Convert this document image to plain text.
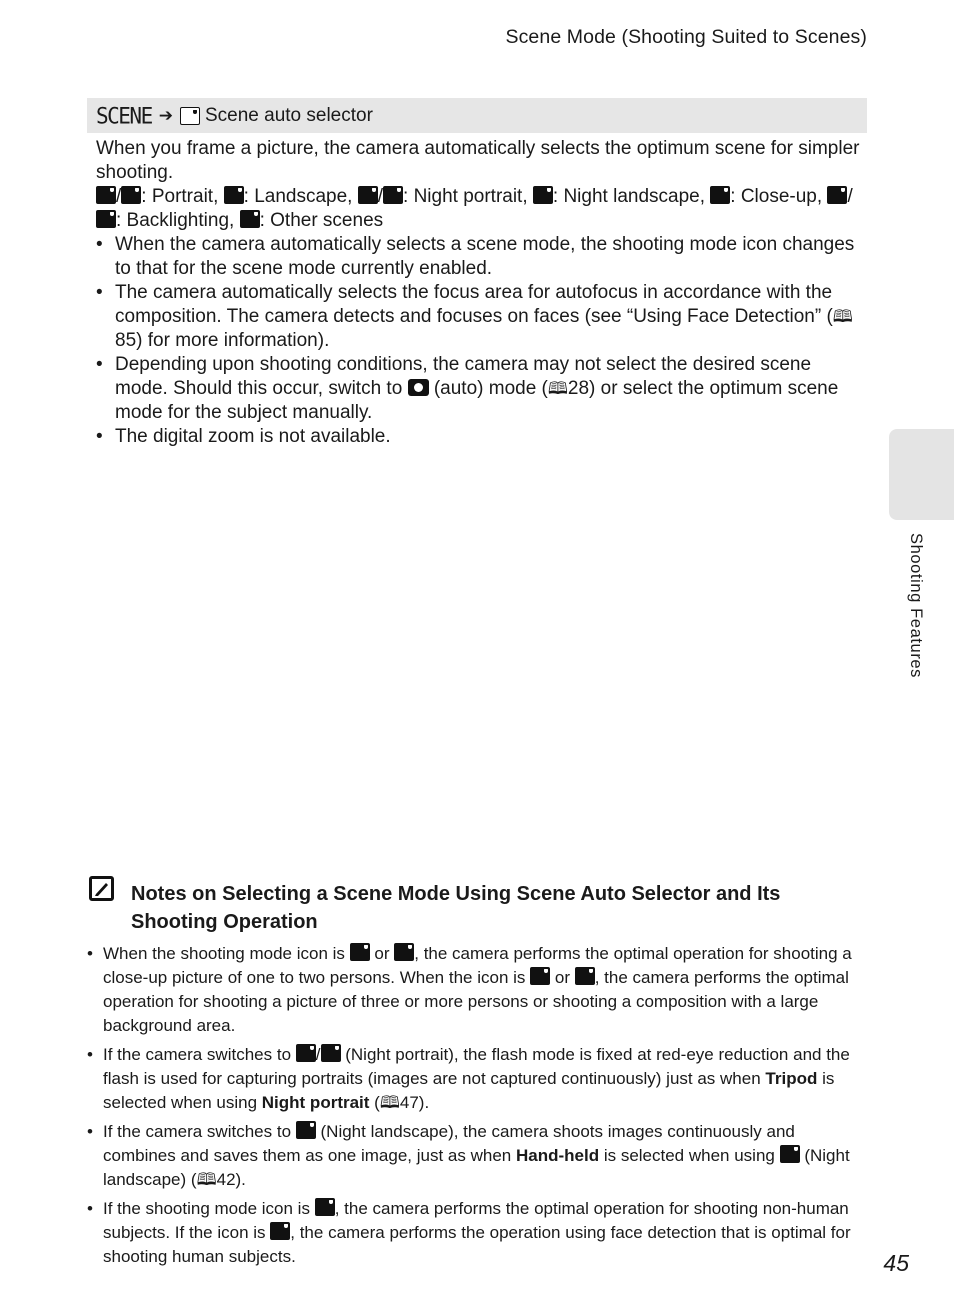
Scene Mode (Shooting Suited to Scenes)
SCENE ➔ Scene auto selector

When you frame a picture, the camera automatically selects the optimum scene for simpler shooting.

/ : Portrait, : Landscape, / : Night portrait, : Night landscape, : Close-up, /: Backlighting, : Other scenes

• When the camera automatically selects a scene mode, the shooting mode icon changes to that for the scene mode currently enabled.
• The camera automatically selects the focus area for autofocus in accordance with the composition. The camera detects and focuses on faces (see “Using Face Detection” (🕮85) for more information).
• Depending upon shooting conditions, the camera may not select the desired scene mode. Should this occur, switch to (auto) mode (🕮28) or select the optimum scene mode for the subject manually.
• The digital zoom is not available.
Shooting Features
Notes on Selecting a Scene Mode Using Scene Auto Selector and Its Shooting Operation
• When the shooting mode icon is or , the camera performs the optimal operation for shooting a close-up picture of one to two persons. When the icon is or , the camera performs the optimal operation for shooting a picture of three or more persons or shooting a composition with a large background area.
• If the camera switches to / (Night portrait), the flash mode is fixed at red-eye reduction and the flash is used for capturing portraits (images are not captured continuously) just as when Tripod is selected when using Night portrait (🕮47).
• If the camera switches to (Night landscape), the camera shoots images continuously and combines and saves them as one image, just as when Hand-held is selected when using (Night landscape) (🕮42).
• If the shooting mode icon is , the camera performs the optimal operation for shooting non-human subjects. If the icon is , the camera performs the operation using face detection that is optimal for shooting human subjects.	45
